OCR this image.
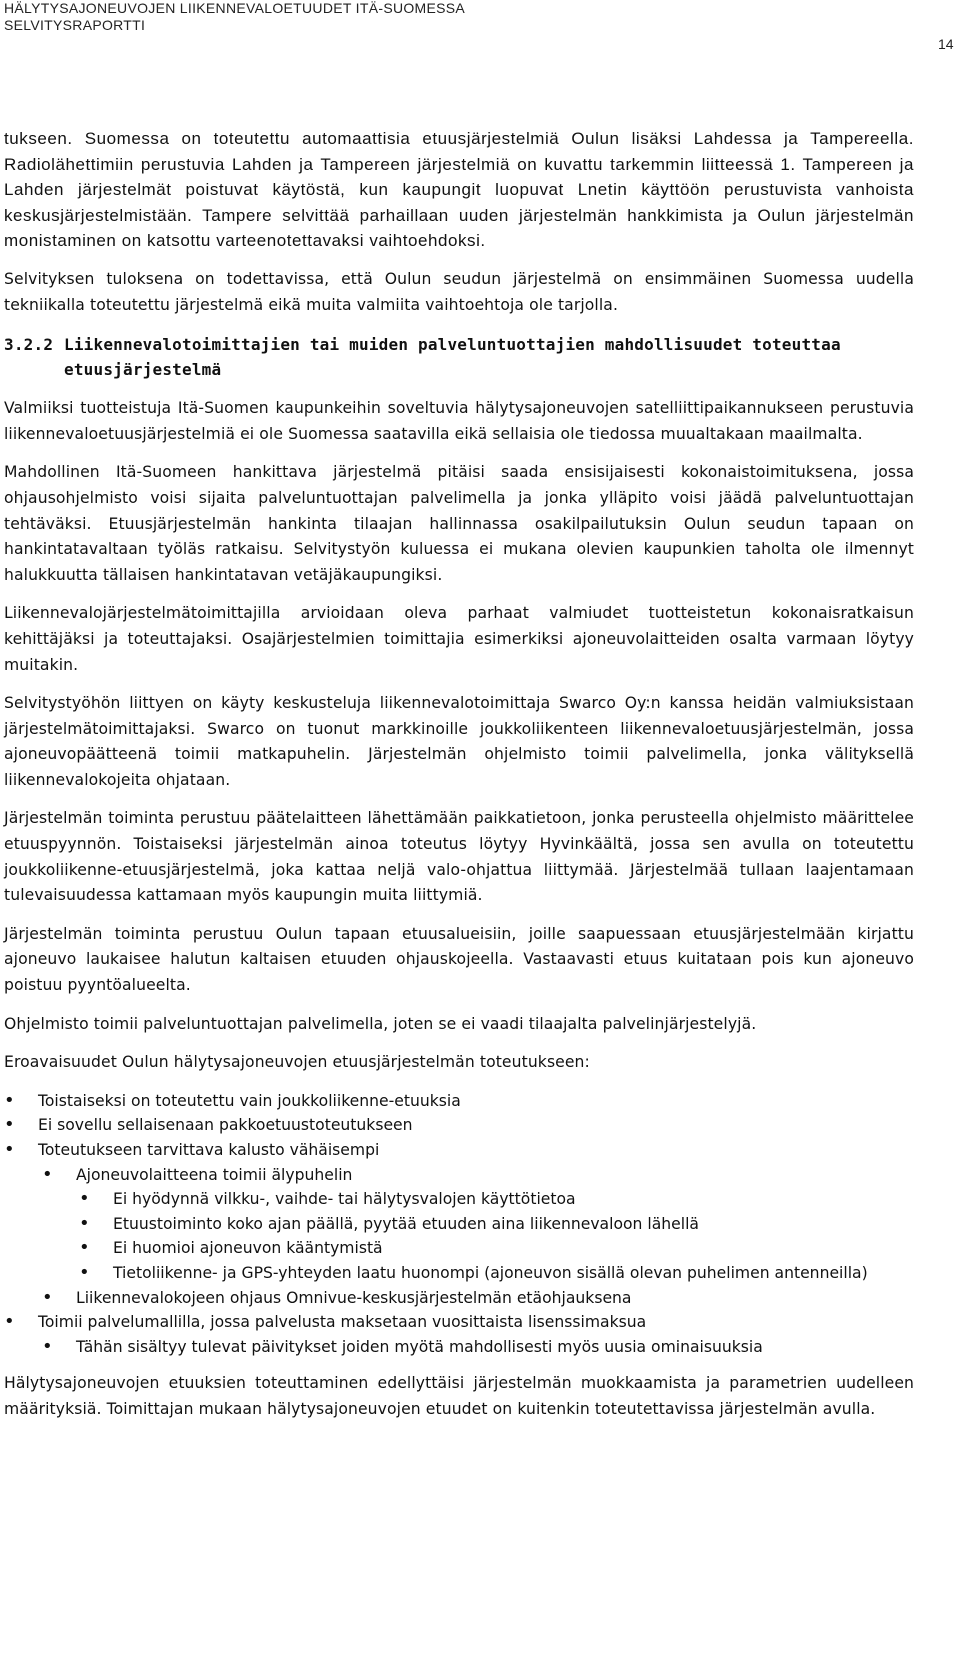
HÄLYTYSAJONEUVOJEN LIIKENNEVALOETUUDET ITÄ-SUOMESSA
SELVITYSRAPORTTI
14

tukseen. Suomessa on toteutettu automaattisia etuusjärjestelmiä Oulun lisäksi Lahdessa ja Tampereella. Radiolähettimiin perustuvia Lahden ja Tampereen järjestelmiä on kuvattu tarkemmin liitteessä 1. Tampereen ja Lahden järjestelmät poistuvat käytöstä, kun kaupungit luopuvat Lnetin käyttöön perustuvista vanhoista keskusjärjestelmistään. Tampere selvittää parhaillaan uuden järjestelmän hankkimista ja Oulun järjestelmän monistaminen on katsottu varteenotettavaksi vaihtoehdoksi.

Selvityksen tuloksena on todettavissa, että Oulun seudun järjestelmä on ensimmäinen Suomessa uudella tekniikalla toteutettu järjestelmä eikä muita valmiita vaihtoehtoja ole tarjolla.

3.2.2 Liikennevalotoimittajien tai muiden palveluntuottajien mahdollisuudet toteuttaa etuusjärjestelmä

Valmiiksi tuotteistuja Itä-Suomen kaupunkeihin soveltuvia hälytysajoneuvojen satelliittipaikannukseen perustuvia liikennevaloetuusjärjestelmiä ei ole Suomessa saatavilla eikä sellaisia ole tiedossa muualtakaan maailmalta.

Mahdollinen Itä-Suomeen hankittava järjestelmä pitäisi saada ensisijaisesti kokonaistoimituksena, jossa ohjausohjelmisto voisi sijaita palveluntuottajan palvelimella ja jonka ylläpito voisi jäädä palveluntuottajan tehtäväksi. Etuusjärjestelmän hankinta tilaajan hallinnassa osakilpailutuksin Oulun seudun tapaan on hankintatavaltaan työläs ratkaisu. Selvitystyön kuluessa ei mukana olevien kaupunkien taholta ole ilmennyt halukkuutta tällaisen hankintatavan vetäjäkaupungiksi.

Liikennevalojärjestelmätoimittajilla arvioidaan oleva parhaat valmiudet tuotteistetun kokonaisratkaisun kehittäjäksi ja toteuttajaksi. Osajärjestelmien toimittajia esimerkiksi ajoneuvolaitteiden osalta varmaan löytyy muitakin.

Selvitystyöhön liittyen on käyty keskusteluja liikennevalotoimittaja Swarco Oy:n kanssa heidän valmiuksistaan järjestelmätoimittajaksi. Swarco on tuonut markkinoille joukkoliikenteen liikennevaloetuusjärjestelmän, jossa ajoneuvopäätteenä toimii matkapuhelin. Järjestelmän ohjelmisto toimii palvelimella, jonka välityksellä liikennevalokojeita ohjataan.

Järjestelmän toiminta perustuu päätelaitteen lähettämään paikkatietoon, jonka perusteella ohjelmisto määrittelee etuuspyynnön. Toistaiseksi järjestelmän ainoa toteutus löytyy Hyvinkäältä, jossa sen avulla on toteutettu joukkoliikenne-etuusjärjestelmä, joka kattaa neljä valo-ohjattua liittymää. Järjestelmää tullaan laajentamaan tulevaisuudessa kattamaan myös kaupungin muita liittymiä.

Järjestelmän toiminta perustuu Oulun tapaan etuusalueisiin, joille saapuessaan etuusjärjestelmään kirjattu ajoneuvo laukaisee halutun kaltaisen etuuden ohjauskojeella. Vastaavasti etuus kuitataan pois kun ajoneuvo poistuu pyyntöalueelta.

Ohjelmisto toimii palveluntuottajan palvelimella, joten se ei vaadi tilaajalta palvelinjärjestelyjä.

Eroavaisuudet Oulun hälytysajoneuvojen etuusjärjestelmän toteutukseen:

• Toistaiseksi on toteutettu vain joukkoliikenne-etuuksia
• Ei sovellu sellaisenaan pakkoetuustoteutukseen
• Toteutukseen tarvittava kalusto vähäisempi
• Ajoneuvolaitteena toimii älypuhelin
• Ei hyödynnä vilkku-, vaihde- tai hälytysvalojen käyttötietoa
• Etuustoiminto koko ajan päällä, pyytää etuuden aina liikennevaloon lähellä
• Ei huomioi ajoneuvon kääntymistä
• Tietoliikenne- ja GPS-yhteyden laatu huonompi (ajoneuvon sisällä olevan puhelimen antenneilla)
• Liikennevalokojeen ohjaus Omnivue-keskusjärjestelmän etäohjauksena
• Toimii palvelumallilla, jossa palvelusta maksetaan vuosittaista lisenssimaksua
• Tähän sisältyy tulevat päivitykset joiden myötä mahdollisesti myös uusia ominaisuuksia

Hälytysajoneuvojen etuuksien toteuttaminen edellyttäisi järjestelmän muokkaamista ja parametrien uudelleen määrityksiä. Toimittajan mukaan hälytysajoneuvojen etuudet on kuitenkin toteutettavissa järjestelmän avulla.
